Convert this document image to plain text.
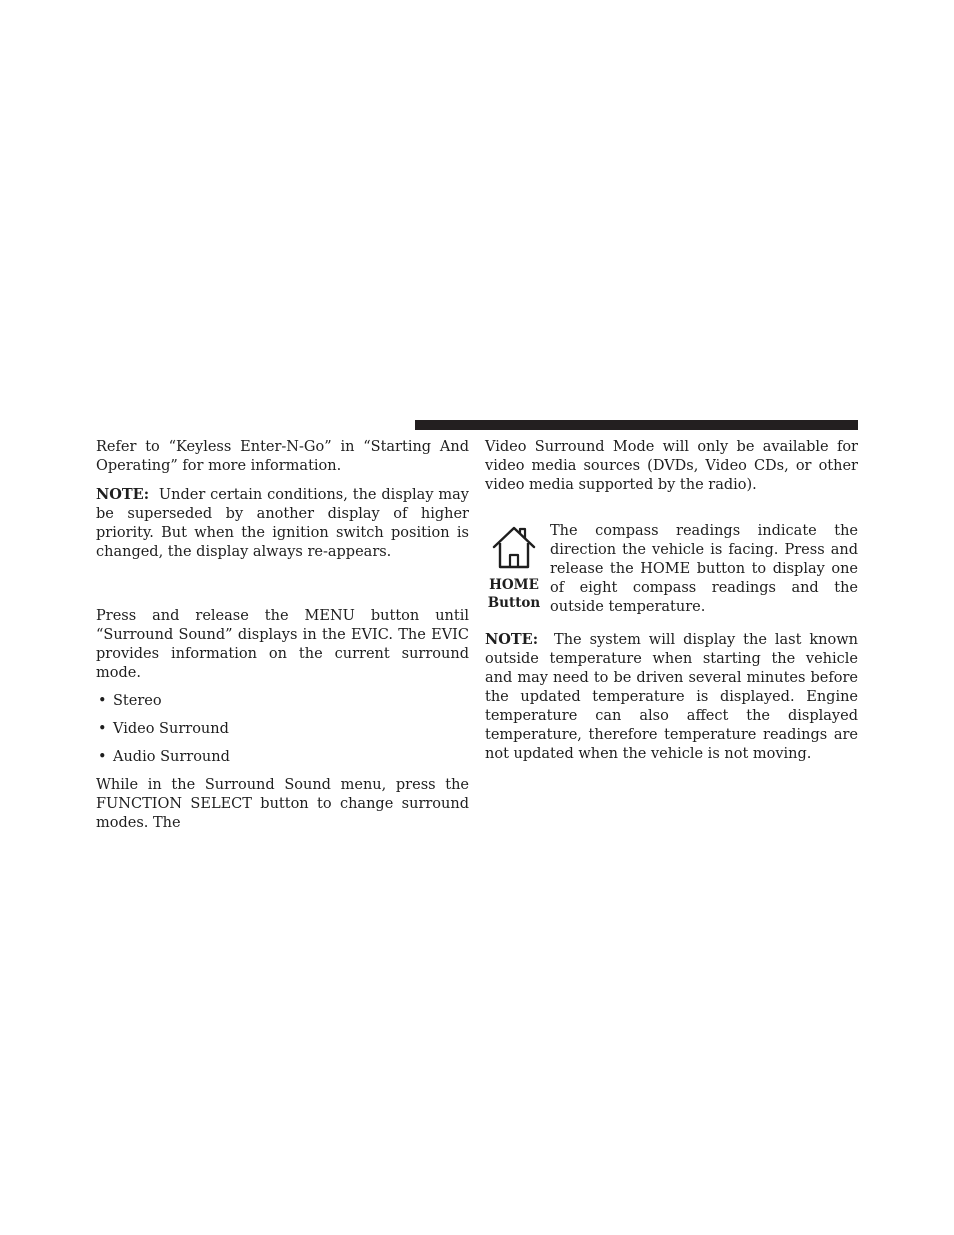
Refer to “Keyless Enter-N-Go” in “Starting And Operating” for more information.

NOTE: Under certain conditions, the display may be superseded by another display of higher priority. But when the ignition switch position is changed, the display always re-appears.

Press and release the MENU button until “Surround Sound” displays in the EVIC. The EVIC provides information on the current surround mode.

• Stereo
• Video Surround
• Audio Surround

While in the Surround Sound menu, press the FUNCTION SELECT button to change surround modes. The

Video Surround Mode will only be available for video media sources (DVDs, Video CDs, or other video media supported by the radio).

HOME
Button

The compass readings indicate the direction the vehicle is facing. Press and release the HOME button to display one of eight compass readings and the outside temperature.

NOTE: The system will display the last known outside temperature when starting the vehicle and may need to be driven several minutes before the updated temperature is displayed. Engine temperature can also affect the displayed temperature, therefore temperature readings are not updated when the vehicle is not moving.
